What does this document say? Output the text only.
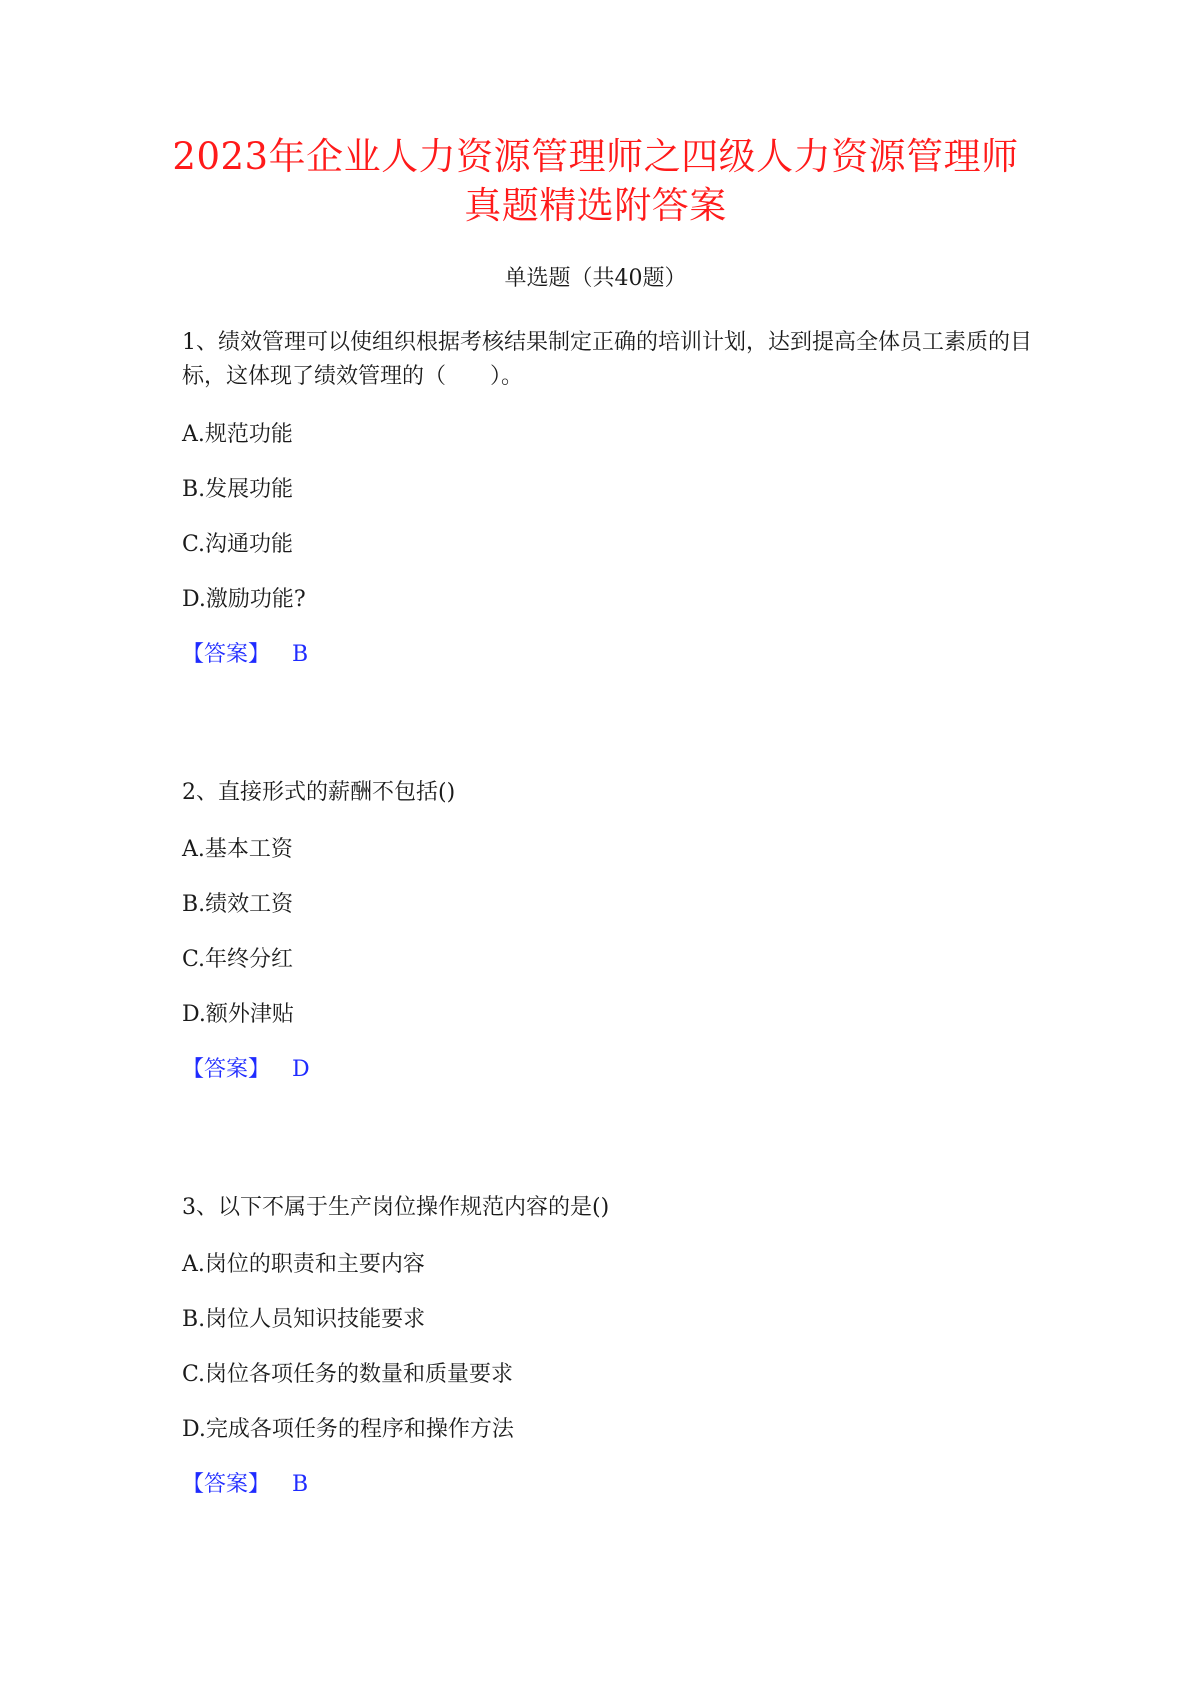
2023年企业人力资源管理师之四级人力资源管理师
真题精选附答案
单选题（共40题）
1、绩效管理可以使组织根据考核结果制定正确的培训计划，达到提高全体员工素质的目标，这体现了绩效管理的（　　）。
A.规范功能
B.发展功能
C.沟通功能
D.激励功能?
【答案】 B
2、直接形式的薪酬不包括()
A.基本工资
B.绩效工资
C.年终分红
D.额外津贴
【答案】 D
3、以下不属于生产岗位操作规范内容的是()
A.岗位的职责和主要内容
B.岗位人员知识技能要求
C.岗位各项任务的数量和质量要求
D.完成各项任务的程序和操作方法
【答案】 B
